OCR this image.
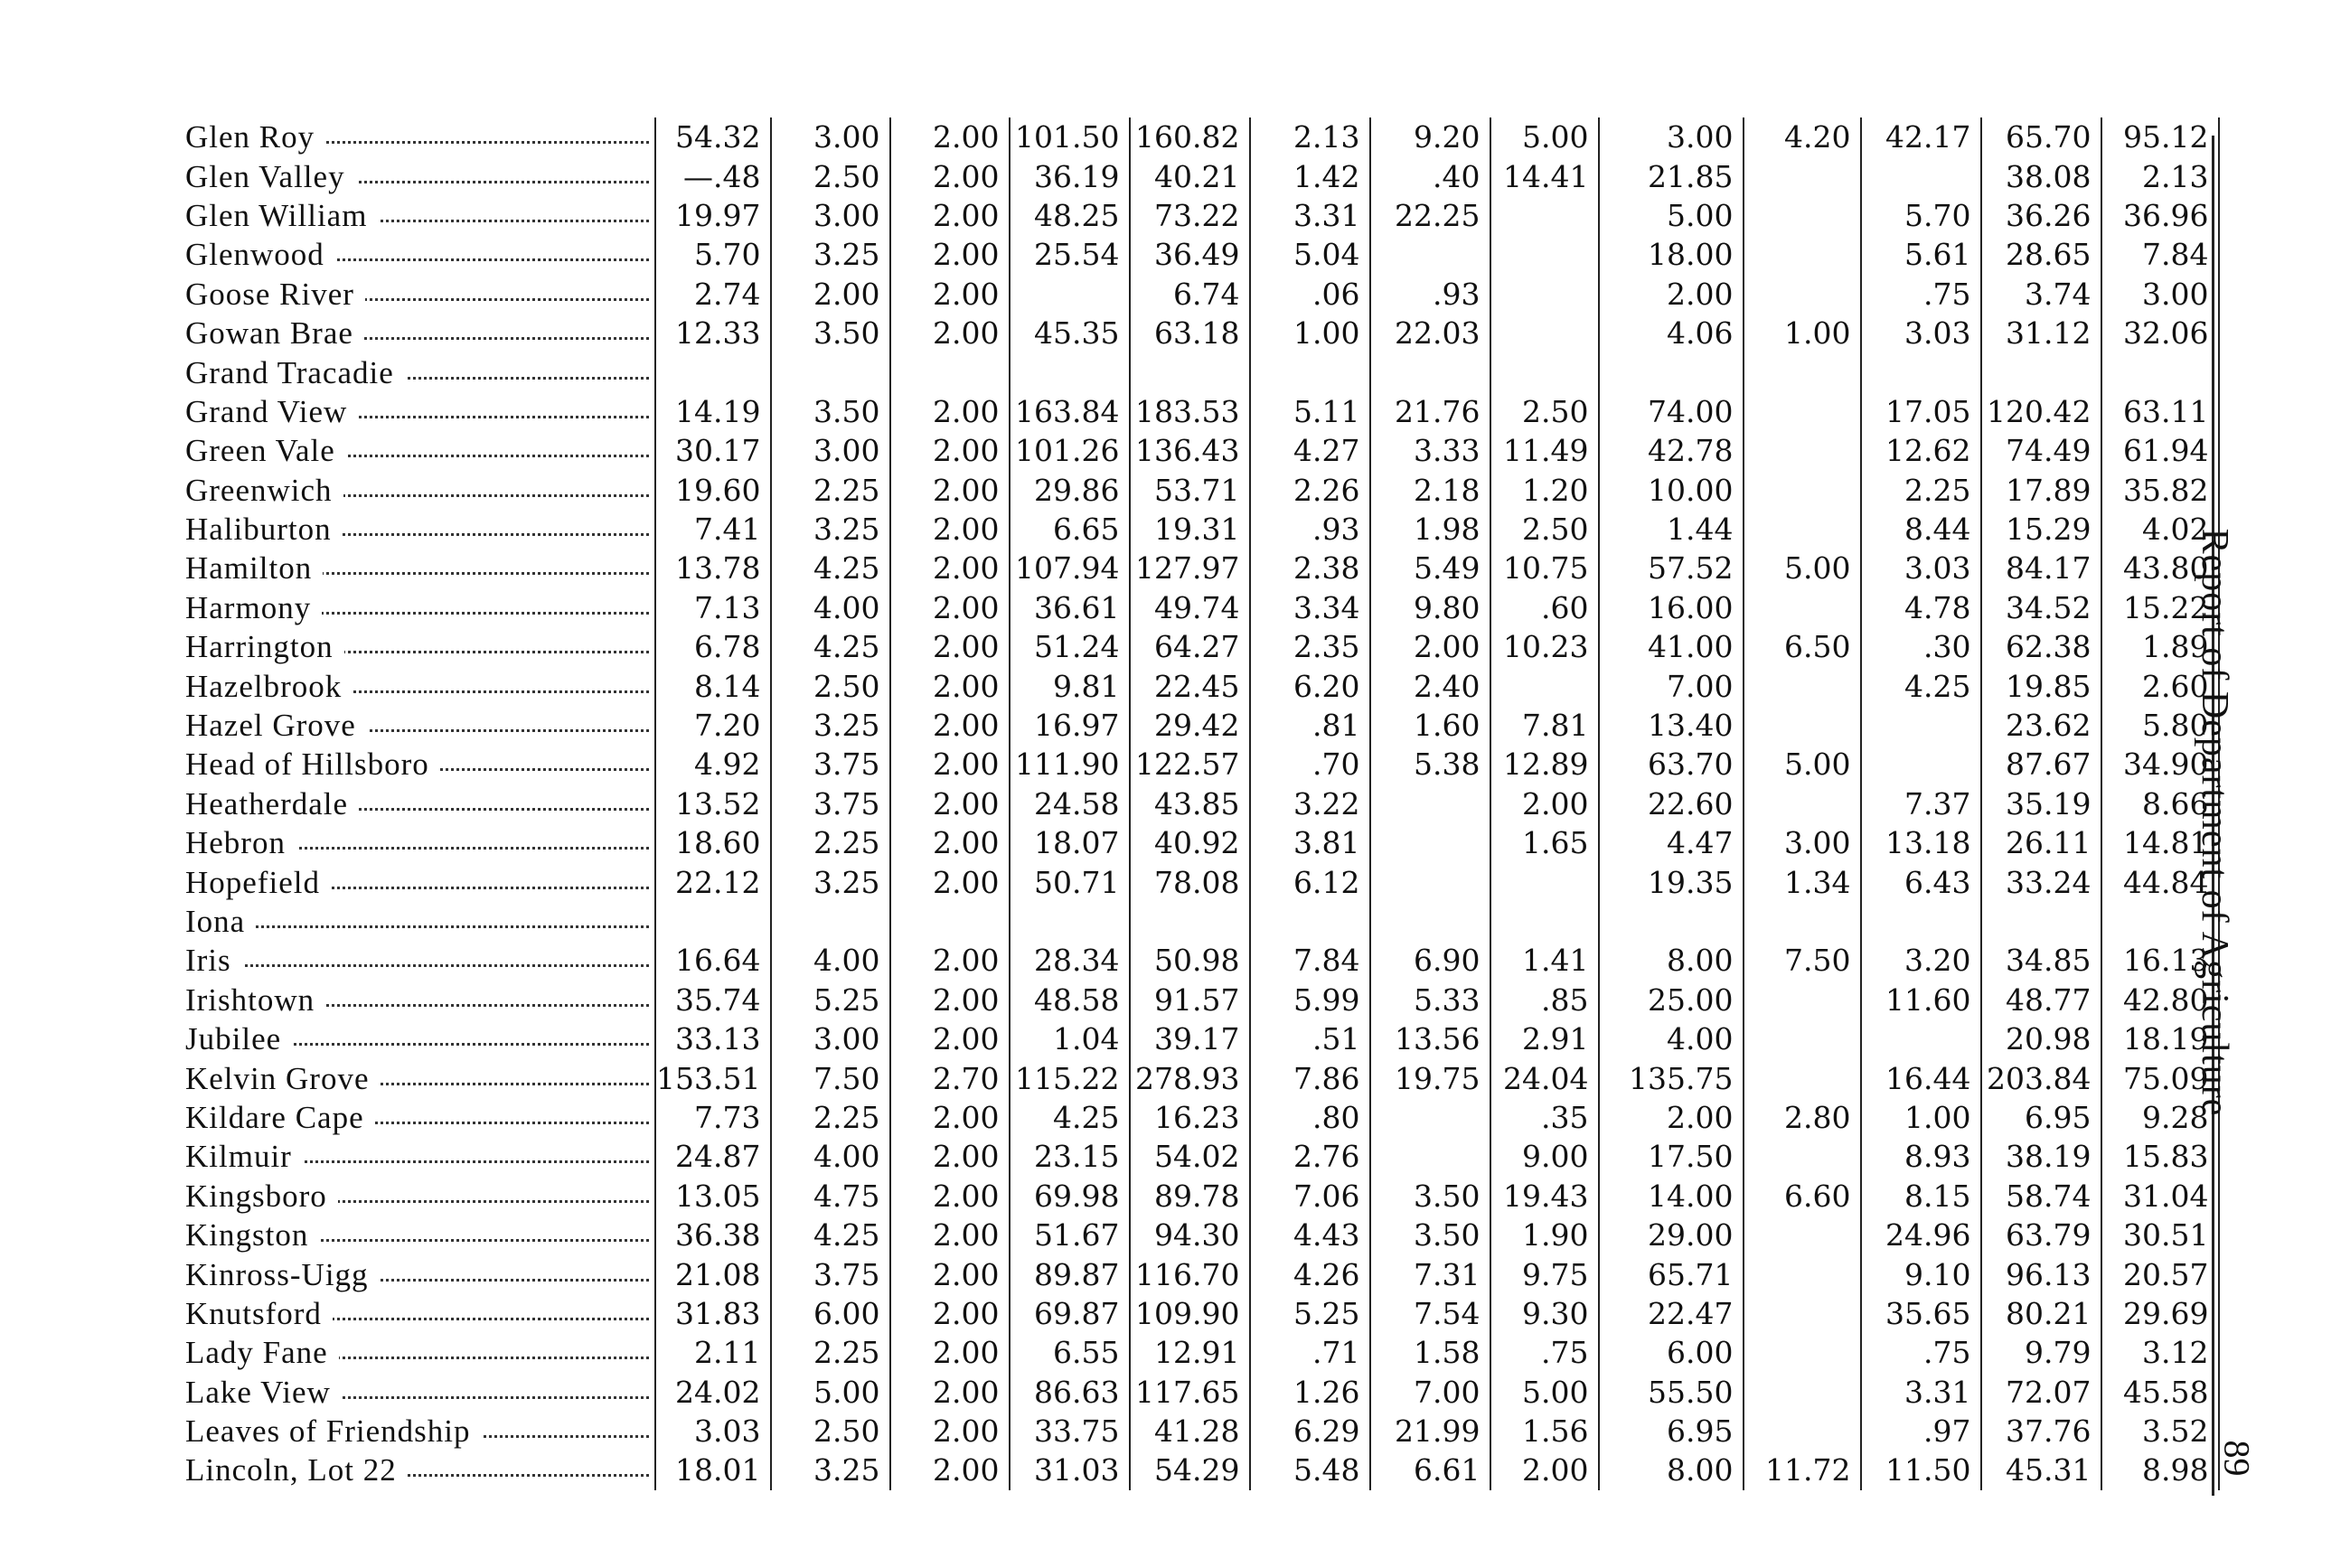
Glen Roy	54.32	3.00	2.00	101.50	160.82	2.13	9.20	5.00	3.00	4.20	42.17	65.70	95.12

Glen Valley	—.48	2.50	2.00	36.19	40.21	1.42	.40	14.41	21.85			38.08	2.13

Glen William	19.97	3.00	2.00	48.25	73.22	3.31	22.25		5.00		5.70	36.26	36.96

Glenwood	5.70	3.25	2.00	25.54	36.49	5.04			18.00		5.61	28.65	7.84

Goose River	2.74	2.00	2.00		6.74	.06	.93		2.00		.75	3.74	3.00

Gowan Brae	12.33	3.50	2.00	45.35	63.18	1.00	22.03		4.06	1.00	3.03	31.12	32.06

Grand Tracadie													

Grand View	14.19	3.50	2.00	163.84	183.53	5.11	21.76	2.50	74.00		17.05	120.42	63.11

Green Vale	30.17	3.00	2.00	101.26	136.43	4.27	3.33	11.49	42.78		12.62	74.49	61.94

Greenwich	19.60	2.25	2.00	29.86	53.71	2.26	2.18	1.20	10.00		2.25	17.89	35.82

Haliburton	7.41	3.25	2.00	6.65	19.31	.93	1.98	2.50	1.44		8.44	15.29	4.02

Hamilton	13.78	4.25	2.00	107.94	127.97	2.38	5.49	10.75	57.52	5.00	3.03	84.17	43.80

Harmony	7.13	4.00	2.00	36.61	49.74	3.34	9.80	.60	16.00		4.78	34.52	15.22

Harrington	6.78	4.25	2.00	51.24	64.27	2.35	2.00	10.23	41.00	6.50	.30	62.38	1.89

Hazelbrook	8.14	2.50	2.00	9.81	22.45	6.20	2.40		7.00		4.25	19.85	2.60

Hazel Grove	7.20	3.25	2.00	16.97	29.42	.81	1.60	7.81	13.40			23.62	5.80

Head of Hillsboro	4.92	3.75	2.00	111.90	122.57	.70	5.38	12.89	63.70	5.00		87.67	34.90

Heatherdale	13.52	3.75	2.00	24.58	43.85	3.22		2.00	22.60		7.37	35.19	8.66

Hebron	18.60	2.25	2.00	18.07	40.92	3.81		1.65	4.47	3.00	13.18	26.11	14.81

Hopefield	22.12	3.25	2.00	50.71	78.08	6.12			19.35	1.34	6.43	33.24	44.84

Iona													

Iris	16.64	4.00	2.00	28.34	50.98	7.84	6.90	1.41	8.00	7.50	3.20	34.85	16.13

Irishtown	35.74	5.25	2.00	48.58	91.57	5.99	5.33	.85	25.00		11.60	48.77	42.80

Jubilee	33.13	3.00	2.00	1.04	39.17	.51	13.56	2.91	4.00			20.98	18.19

Kelvin Grove	153.51	7.50	2.70	115.22	278.93	7.86	19.75	24.04	135.75		16.44	203.84	75.09

Kildare Cape	7.73	2.25	2.00	4.25	16.23	.80		.35	2.00	2.80	1.00	6.95	9.28

Kilmuir	24.87	4.00	2.00	23.15	54.02	2.76		9.00	17.50		8.93	38.19	15.83

Kingsboro	13.05	4.75	2.00	69.98	89.78	7.06	3.50	19.43	14.00	6.60	8.15	58.74	31.04

Kingston	36.38	4.25	2.00	51.67	94.30	4.43	3.50	1.90	29.00		24.96	63.79	30.51

Kinross-Uigg	21.08	3.75	2.00	89.87	116.70	4.26	7.31	9.75	65.71		9.10	96.13	20.57

Knutsford	31.83	6.00	2.00	69.87	109.90	5.25	7.54	9.30	22.47		35.65	80.21	29.69

Lady Fane	2.11	2.25	2.00	6.55	12.91	.71	1.58	.75	6.00		.75	9.79	3.12

Lake View	24.02	5.00	2.00	86.63	117.65	1.26	7.00	5.00	55.50		3.31	72.07	45.58

Leaves of Friendship	3.03	2.50	2.00	33.75	41.28	6.29	21.99	1.56	6.95		.97	37.76	3.52

Lincoln, Lot 22	18.01	3.25	2.00	31.03	54.29	5.48	6.61	2.00	8.00	11.72	11.50	45.31	8.98
Report of Department of Agriculture
89
